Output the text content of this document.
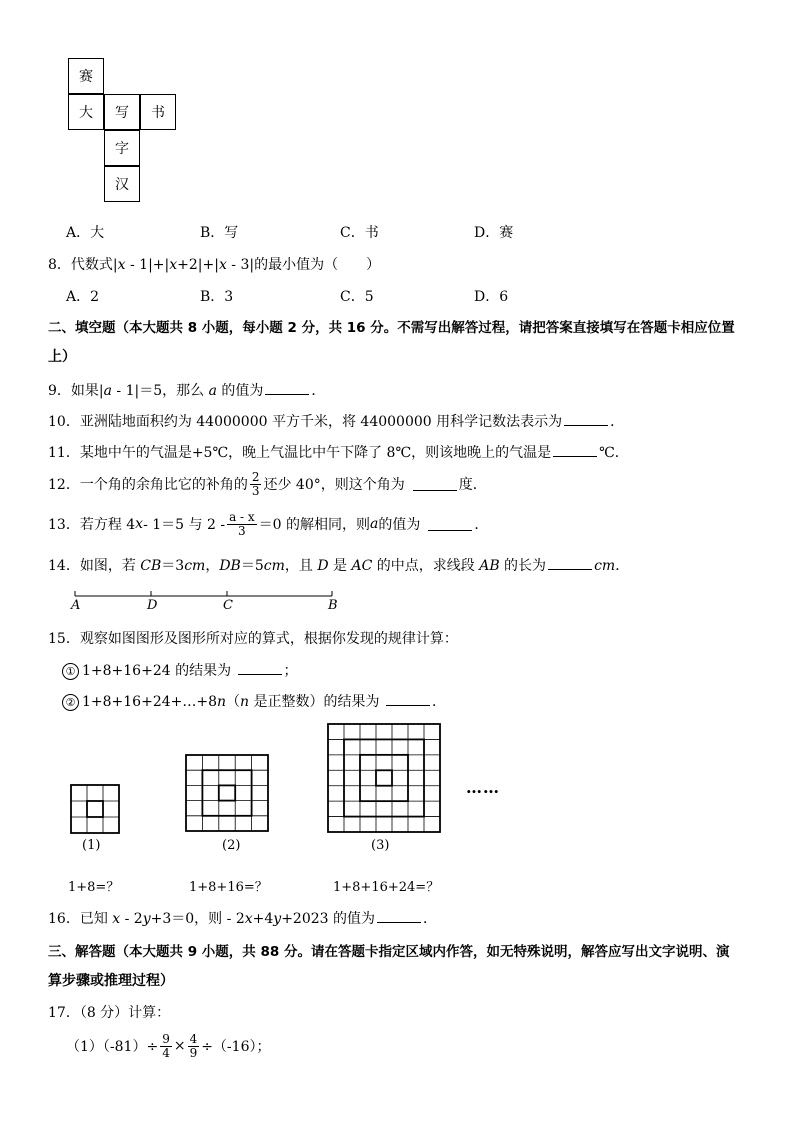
赛
大	写	书
字
汉
A．大	B．写	C．书	D．赛
8．代数式|x - 1|+|x+2|+|x - 3|的最小值为（　　）
A．2	B．3	C．5	D．6
二、填空题（本大题共 8 小题，每小题 2 分，共 16 分。不需写出解答过程，请把答案直接填写在答题卡相应位置
上）
9．如果|a - 1|＝5，那么 a 的值为	．
10．亚洲陆地面积约为 44000000 平方千米，将 44000000 用科学记数法表示为	．
11．某地中午的气温是+5℃，晚上气温比中午下降了 8℃，则该地晚上的气温是	℃．
12．一个角的余角比它的补角的 $\frac{2}{3}$ 还少 40°，则这个角为	度．
13．若方程 4 x - 1＝5 与 $2 - \frac{a - x}{3} =0$ 的解相同，则 a 的值为	．
14．如图，若 CB＝3cm，DB＝5cm，且 D 是 AC 的中点，求线段 AB 的长为	cm．
A	D	C	B
15．观察如图图形及图形所对应的算式，根据你发现的规律计算：
① 1+8+16+24 的结果为	；
② 1+8+16+24+…+8n（n 是正整数）的结果为	．
……
(1)	(2)	(3)
1+8=？	1+8+16=？	1+8+16+24=？
16．已知 x - 2y+3＝0，则 - 2x+4y+2023 的值为	．
三、解答题（本大题共 9 小题，共 88 分。请在答题卡指定区域内作答，如无特殊说明，解答应写出文字说明、演
算步骤或推理过程）
17．（8 分）计算：
$(1)(-81)\div \frac{9}{4} \times \frac{4}{9} \div(-16)$；
